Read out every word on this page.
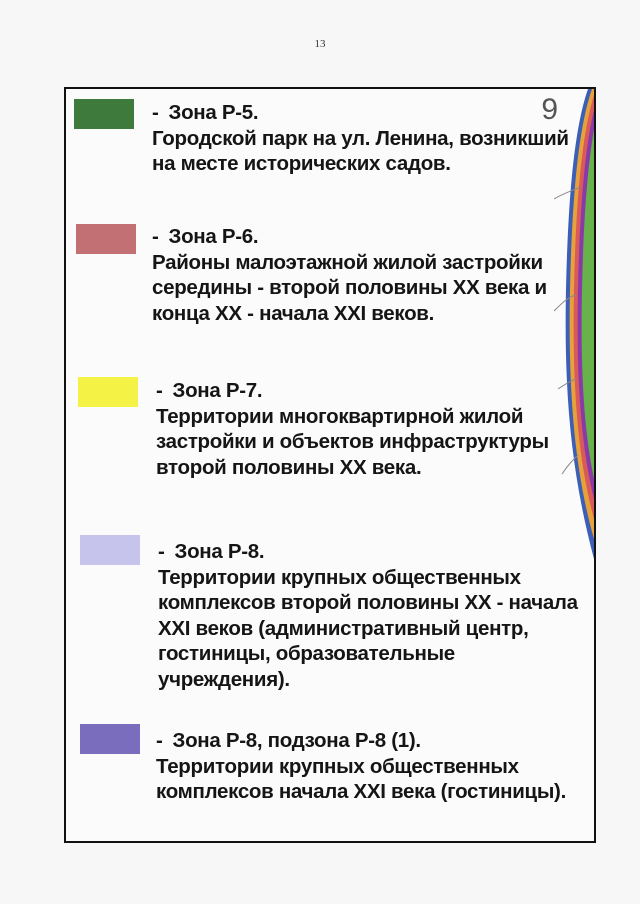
13
9
- Зона Р-5.
Городской парк на ул. Ленина, возникший на месте исторических садов.
- Зона Р-6.
Районы малоэтажной жилой застройки середины - второй половины XX века и конца XX - начала XXI веков.
- Зона Р-7.
Территории многоквартирной жилой застройки и объектов инфраструктуры второй половины XX века.
- Зона Р-8.
Территории крупных общественных комплексов второй половины XX - начала XXI веков (административный центр, гостиницы, образовательные учреждения).
- Зона Р-8, подзона Р-8 (1).
Территории крупных общественных комплексов начала XXI века (гостиницы).
